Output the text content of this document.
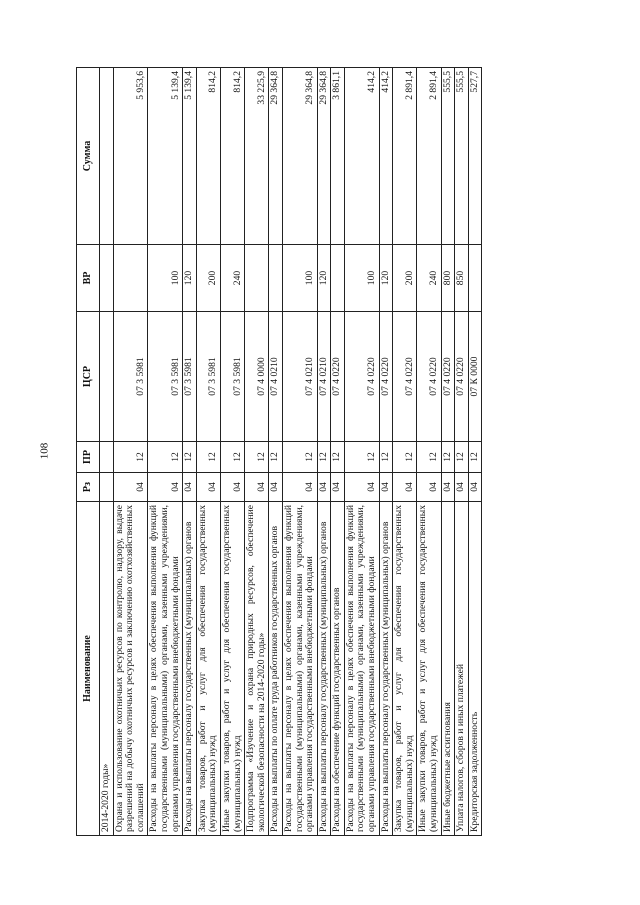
108
Наименование	Рз	ПР	ЦСР	ВР	Сумма
2014-2020 годы»					
Охрана и использование охотничьих ресурсов по контролю, надзору, выдаче разрешений на добычу охотничьих ресурсов и заключению охотхозяйственных соглашений	04	12	07 3 5981		5 953,6
Расходы на выплаты персоналу в целях обеспечения выполнения функций государственными (муниципальными) органами, казенными учреждениями, органами управления государственными внебюджетными фондами	04	12	07 3 5981	100	5 139,4
Расходы на выплаты персоналу государственных (муниципальных) органов	04	12	07 3 5981	120	5 139,4
Закупка товаров, работ и услуг для обеспечения государственных (муниципальных) нужд	04	12	07 3 5981	200	814,2
Иные закупки товаров, работ и услуг для обеспечения государственных (муниципальных) нужд	04	12	07 3 5981	240	814,2
Подпрограмма «Изучение и охрана природных ресурсов, обеспечение экологической безопасности на 2014-2020 годы»	04	12	07 4 0000		33 225,9
Расходы на выплаты по оплате труда работников государственных органов	04	12	07 4 0210		29 364,8
Расходы на выплаты персоналу в целях обеспечения выполнения функций государственными (муниципальными) органами, казенными учреждениями, органами управления государственными внебюджетными фондами	04	12	07 4 0210	100	29 364,8
Расходы на выплаты персоналу государственных (муниципальных) органов	04	12	07 4 0210	120	29 364,8
Расходы на обеспечение функций государственных органов	04	12	07 4 0220		3 861,1
Расходы на выплаты персоналу в целях обеспечения выполнения функций государственными (муниципальными) органами, казенными учреждениями, органами управления государственными внебюджетными фондами	04	12	07 4 0220	100	414,2
Расходы на выплаты персоналу государственных (муниципальных) органов	04	12	07 4 0220	120	414,2
Закупка товаров, работ и услуг для обеспечения государственных (муниципальных) нужд	04	12	07 4 0220	200	2 891,4
Иные закупки товаров, работ и услуг для обеспечения государственных (муниципальных) нужд	04	12	07 4 0220	240	2 891,4
Иные бюджетные ассигнования	04	12	07 4 0220	800	555,5
Уплата налогов, сборов и иных платежей	04	12	07 4 0220	850	555,5
Кредиторская задолженность	04	12	07 К 0000		527,7
